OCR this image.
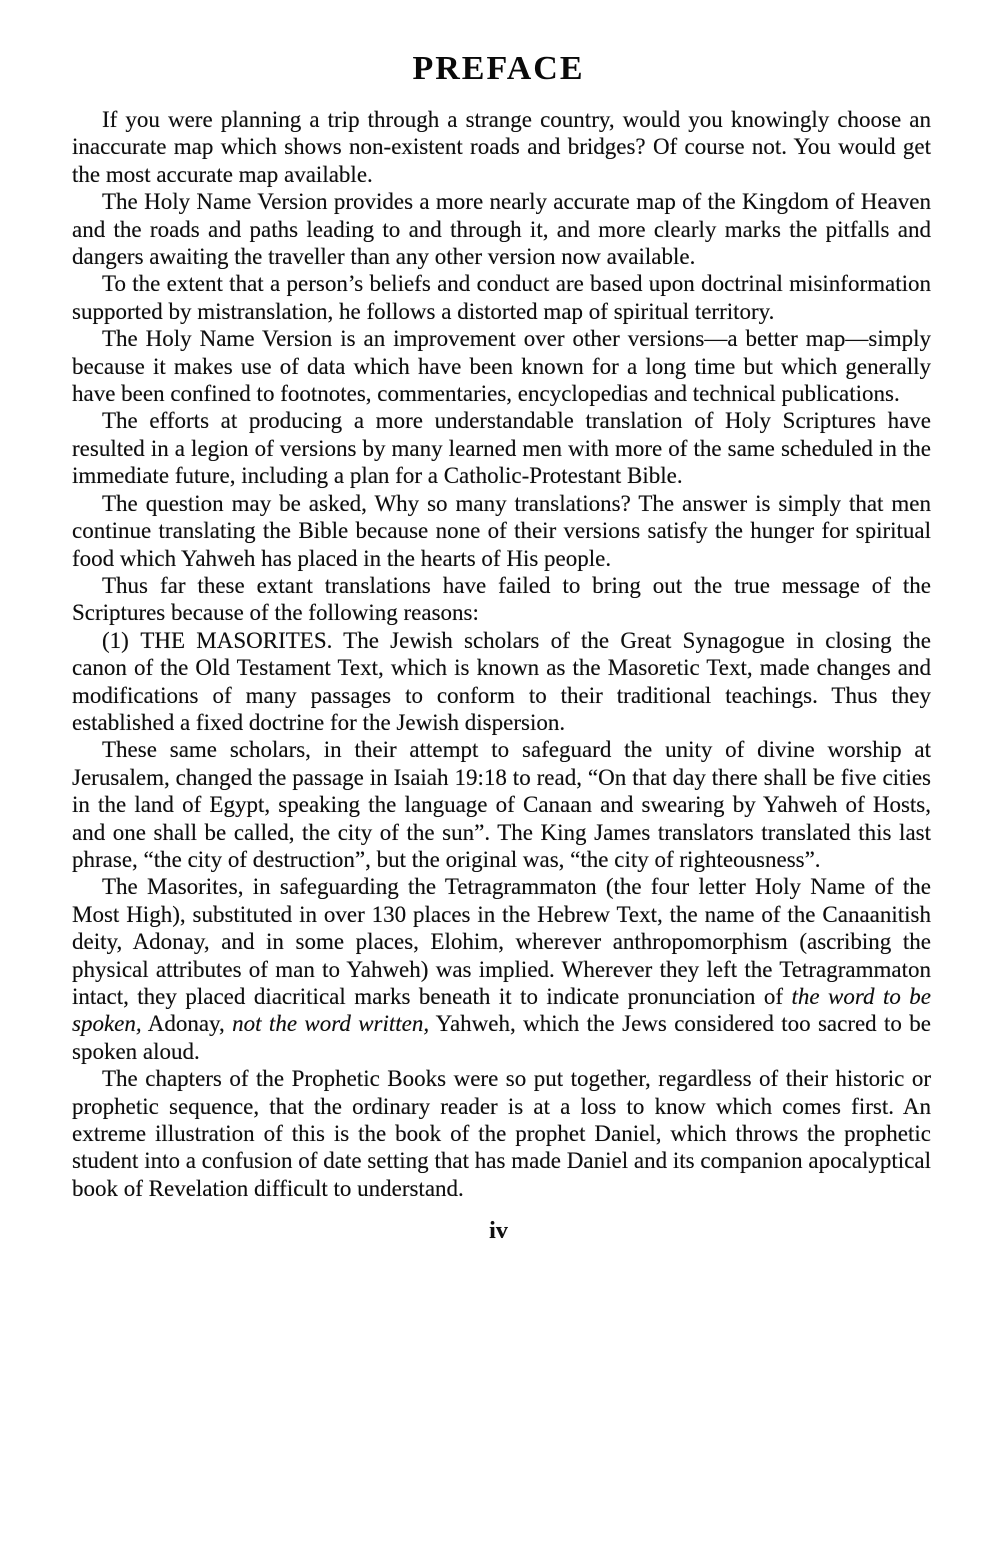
PREFACE

If you were planning a trip through a strange country, would you knowingly choose an inaccurate map which shows non-existent roads and bridges? Of course not. You would get the most accurate map available.

The Holy Name Version provides a more nearly accurate map of the Kingdom of Heaven and the roads and paths leading to and through it, and more clearly marks the pitfalls and dangers awaiting the traveller than any other version now available.

To the extent that a person’s beliefs and conduct are based upon doctrinal misinformation supported by mistranslation, he follows a distorted map of spiritual territory.

The Holy Name Version is an improvement over other versions—a better map—simply because it makes use of data which have been known for a long time but which generally have been confined to footnotes, commentaries, encyclopedias and technical publications.

The efforts at producing a more understandable translation of Holy Scriptures have resulted in a legion of versions by many learned men with more of the same scheduled in the immediate future, including a plan for a Catholic-Protestant Bible.

The question may be asked, Why so many translations? The answer is simply that men continue translating the Bible because none of their versions satisfy the hunger for spiritual food which Yahweh has placed in the hearts of His people.

Thus far these extant translations have failed to bring out the true message of the Scriptures because of the following reasons:

(1) THE MASORITES. The Jewish scholars of the Great Synagogue in closing the canon of the Old Testament Text, which is known as the Masoretic Text, made changes and modifications of many passages to conform to their traditional teachings. Thus they established a fixed doctrine for the Jewish dispersion.

These same scholars, in their attempt to safeguard the unity of divine worship at Jerusalem, changed the passage in Isaiah 19:18 to read, “On that day there shall be five cities in the land of Egypt, speaking the language of Canaan and swearing by Yahweh of Hosts, and one shall be called, the city of the sun”. The King James translators translated this last phrase, “the city of destruction”, but the original was, “the city of righteousness”.

The Masorites, in safeguarding the Tetragrammaton (the four letter Holy Name of the Most High), substituted in over 130 places in the Hebrew Text, the name of the Canaanitish deity, Adonay, and in some places, Elohim, wherever anthropomorphism (ascribing the physical attributes of man to Yahweh) was implied. Wherever they left the Tetragrammaton intact, they placed diacritical marks beneath it to indicate pronunciation of the word to be spoken, Adonay, not the word written, Yahweh, which the Jews considered too sacred to be spoken aloud.

The chapters of the Prophetic Books were so put together, regardless of their historic or prophetic sequence, that the ordinary reader is at a loss to know which comes first. An extreme illustration of this is the book of the prophet Daniel, which throws the prophetic student into a confusion of date setting that has made Daniel and its companion apocalyptical book of Revelation difficult to understand.

iv
